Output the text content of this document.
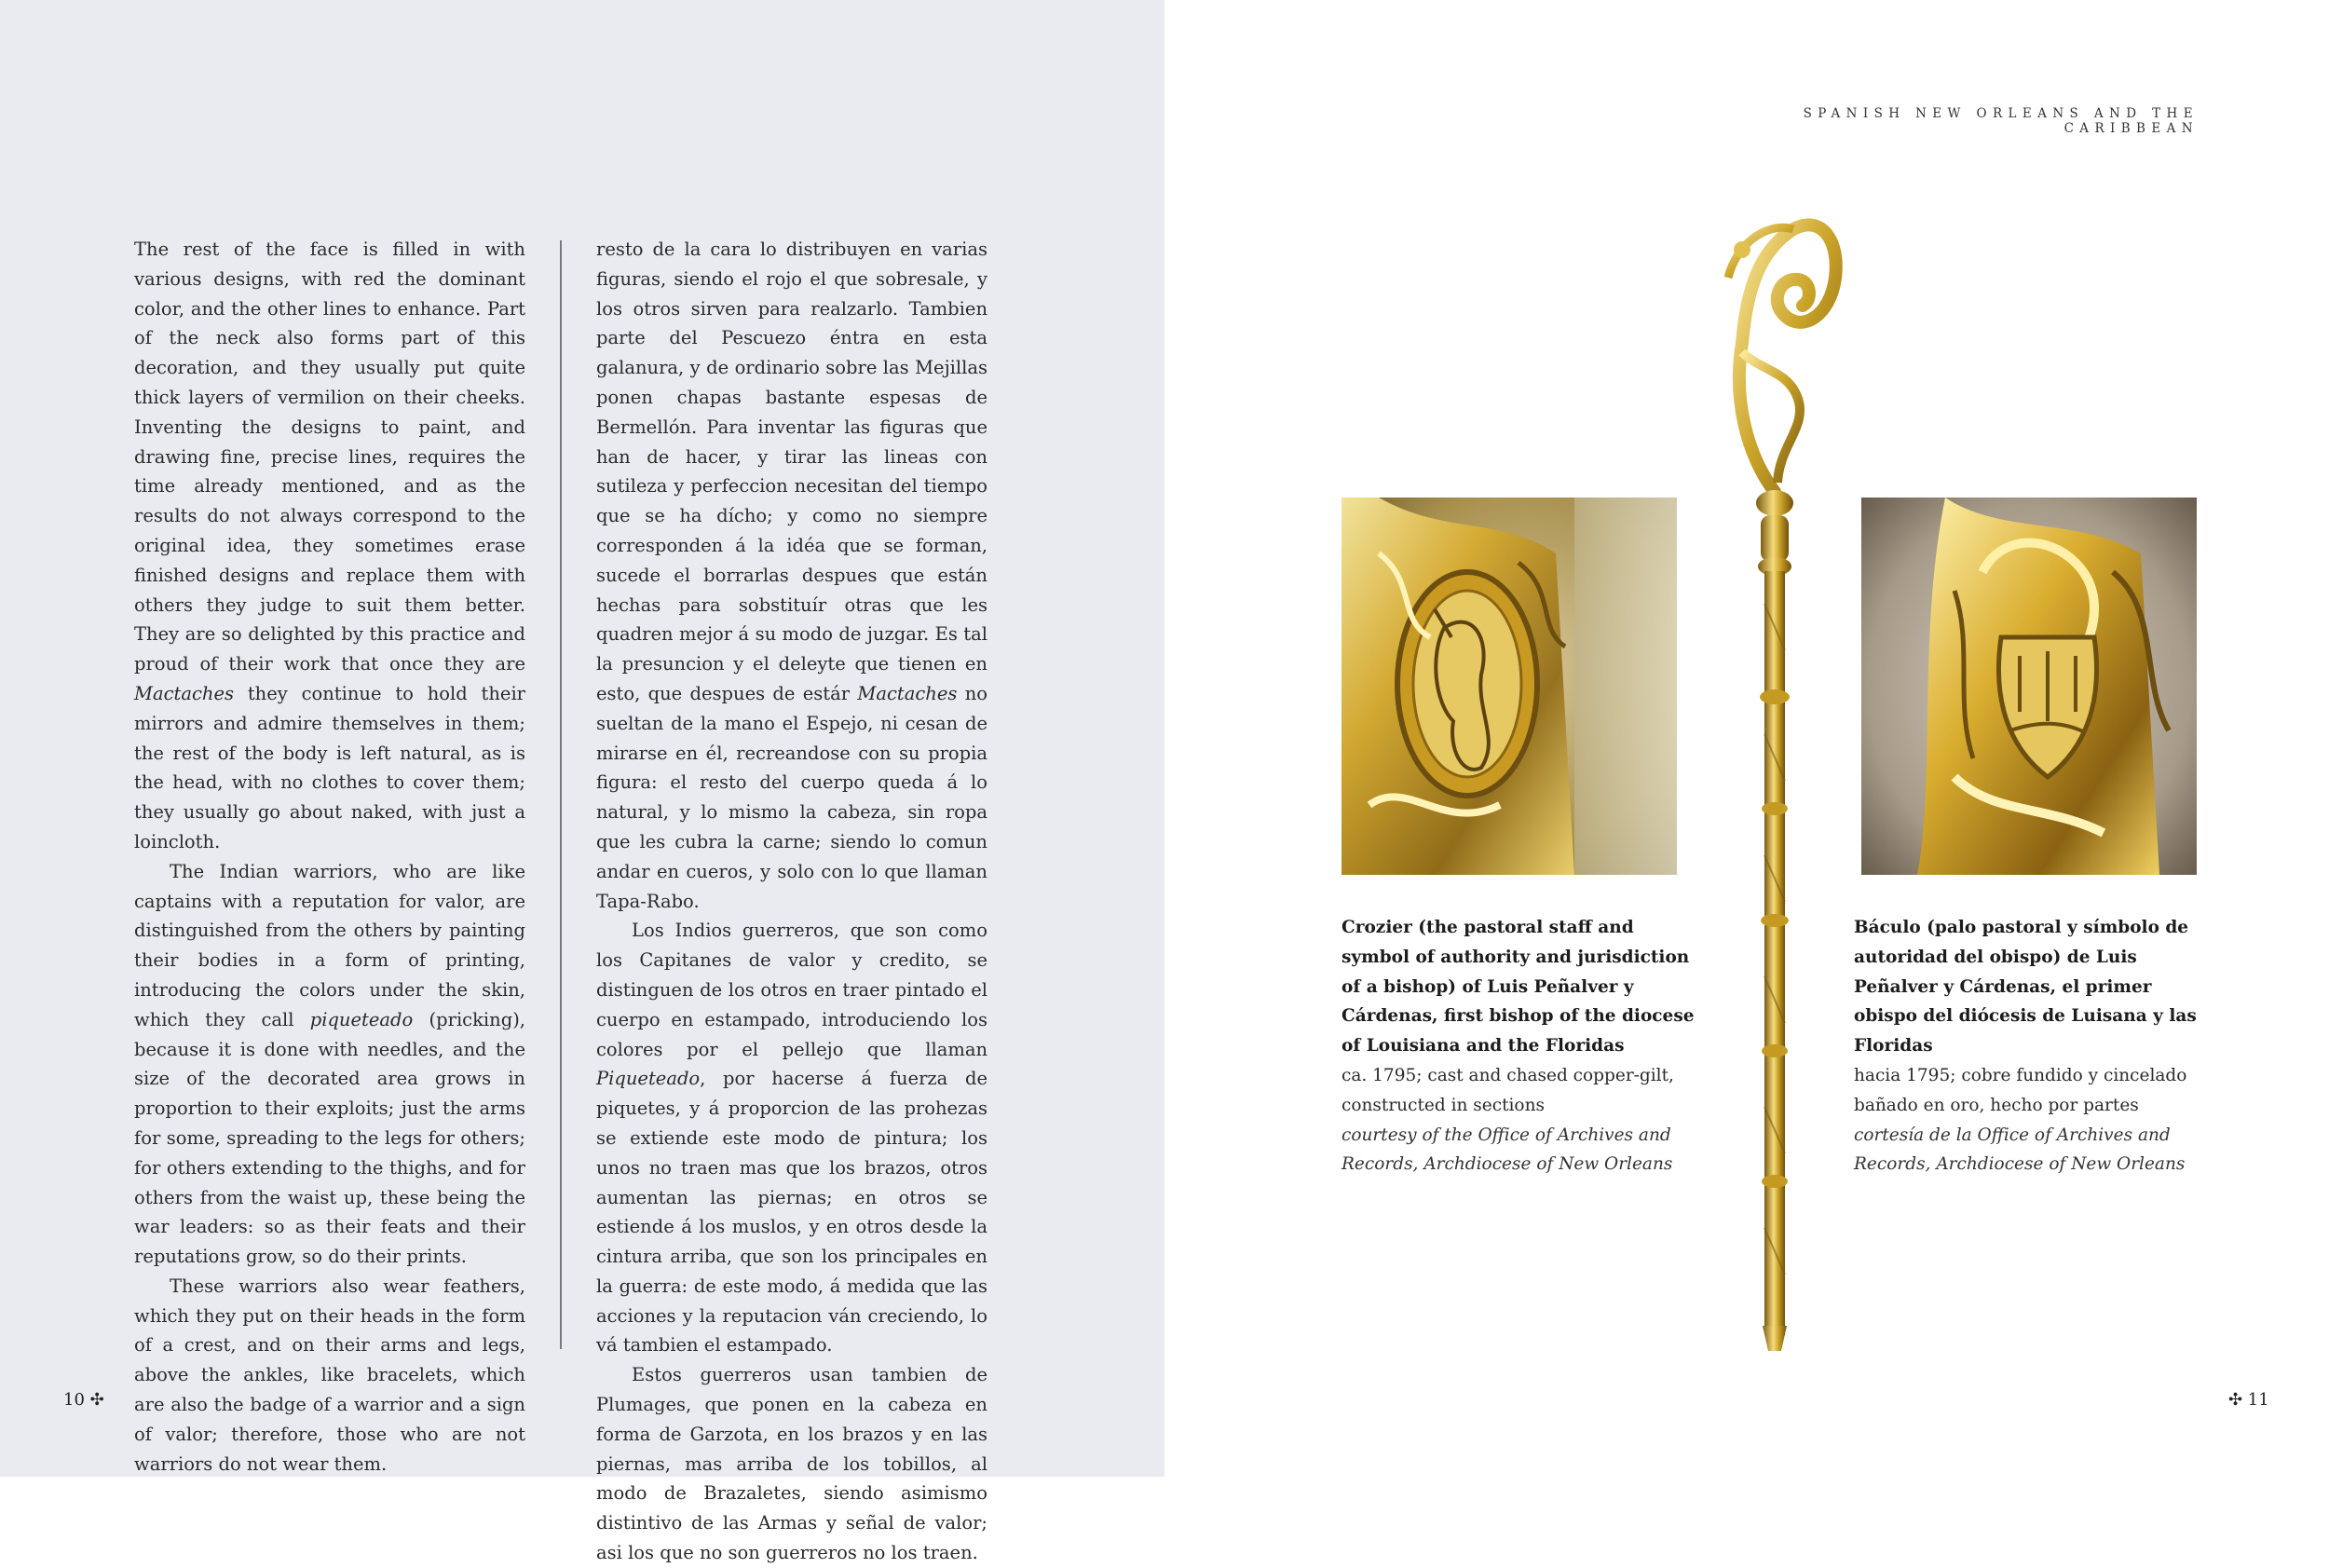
The rest of the face is filled in with various designs, with red the dominant color, and the other lines to enhance. Part of the neck also forms part of this decoration, and they usually put quite thick layers of vermilion on their cheeks. Inventing the designs to paint, and drawing fine, precise lines, requires the time already mentioned, and as the results do not always correspond to the original idea, they sometimes erase finished designs and replace them with others they judge to suit them better. They are so delighted by this practice and proud of their work that once they are Mactaches they continue to hold their mirrors and admire themselves in them; the rest of the body is left natural, as is the head, with no clothes to cover them; they usually go about naked, with just a loincloth.

The Indian warriors, who are like captains with a reputation for valor, are distinguished from the others by painting their bodies in a form of printing, introducing the colors under the skin, which they call piqueteado (pricking), because it is done with needles, and the size of the decorated area grows in proportion to their exploits; just the arms for some, spreading to the legs for others; for others extending to the thighs, and for others from the waist up, these being the war leaders: so as their feats and their reputations grow, so do their prints.

These warriors also wear feathers, which they put on their heads in the form of a crest, and on their arms and legs, above the ankles, like bracelets, which are also the badge of a warrior and a sign of valor; therefore, those who are not warriors do not wear them.

resto de la cara lo distribuyen en varias figuras, siendo el rojo el que sobresale, y los otros sirven para realzarlo. Tambien parte del Pescuezo éntra en esta galanura, y de ordinario sobre las Mejillas ponen chapas bastante espesas de Bermellón. Para inventar las figuras que han de hacer, y tirar las lineas con sutileza y perfeccion necesitan del tiempo que se ha dícho; y como no siempre corresponden á la idéa que se forman, sucede el borrarlas despues que están hechas para sobstituír otras que les quadren mejor á su modo de juzgar. Es tal la presuncion y el deleyte que tienen en esto, que despues de estár Mactaches no sueltan de la mano el Espejo, ni cesan de mirarse en él, recreandose con su propia figura: el resto del cuerpo queda á lo natural, y lo mismo la cabeza, sin ropa que les cubra la carne; siendo lo comun andar en cueros, y solo con lo que llaman Tapa-Rabo.

Los Indios guerreros, que son como los Capitanes de valor y credito, se distinguen de los otros en traer pintado el cuerpo en estampado, introduciendo los colores por el pellejo que llaman Piqueteado, por hacerse á fuerza de piquetes, y á proporcion de las prohezas se extiende este modo de pintura; los unos no traen mas que los brazos, otros aumentan las piernas; en otros se estiende á los muslos, y en otros desde la cintura arriba, que son los principales en la guerra: de este modo, á medida que las acciones y la reputacion ván creciendo, lo vá tambien el estampado.

Estos guerreros usan tambien de Plumages, que ponen en la cabeza en forma de Garzota, en los brazos y en las piernas, mas arriba de los tobillos, al modo de Brazaletes, siendo asimismo distintivo de las Armas y señal de valor; asi los que no son guerreros no los traen.

10 ✣
SPANISH NEW ORLEANS AND THE CARIBBEAN
Crozier (the pastoral staff and symbol of authority and jurisdiction of a bishop) of Luis Peñalver y Cárdenas, first bishop of the diocese of Louisiana and the Floridas
ca. 1795; cast and chased copper-gilt, constructed in sections
courtesy of the Office of Archives and Records, Archdiocese of New Orleans
Báculo (palo pastoral y símbolo de autoridad del obispo) de Luis Peñalver y Cárdenas, el primer obispo del diócesis de Luisana y las Floridas
hacia 1795; cobre fundido y cincelado bañado en oro, hecho por partes
cortesía de la Office of Archives and Records, Archdiocese of New Orleans
✣ 11
